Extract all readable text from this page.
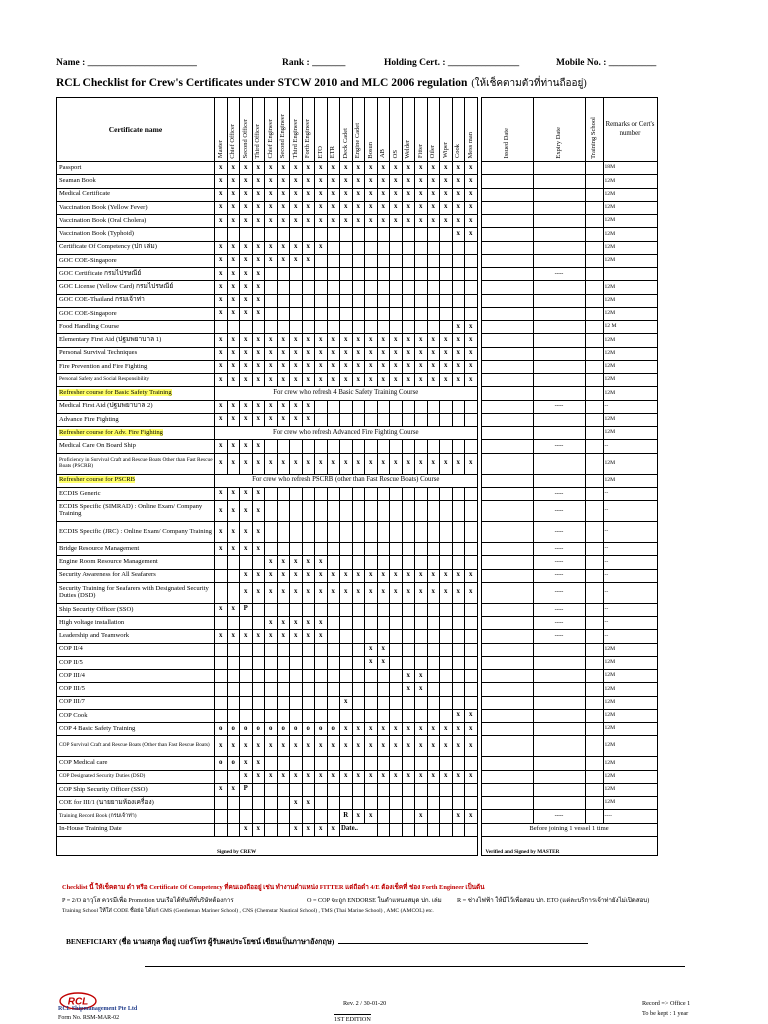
Name : _______________________	Rank : _______	Holding Cert. : _______________	Mobile No. : __________
RCL Checklist for Crew's Certificates under STCW 2010 and MLC 2006 regulation (ให้เช็คตามตัวที่ท่านถืออยู่)
Certificate name	Master	Chief Officer	Second Officer	Third Officer	Chief Engineer	Second Engineer	Third Engineer	Forth Engineer	ETO	ETR	Deck Cadet	Engine Cadet	Bosun	AB	OS	Welder	Fitter	Oiler	Wiper	Cook	Mess man		Issued Date	Expiry Date	Training School	Remarks or Cert's number
Passport	x	x	x	x	x	x	x	x	x	x	x	x	x	x	x	x	x	x	x	x	x					18M
Seaman Book	x	x	x	x	x	x	x	x	x	x	x	x	x	x	x	x	x	x	x	x	x					12M
Medical Certificate	x	x	x	x	x	x	x	x	x	x	x	x	x	x	x	x	x	x	x	x	x					12M
Vaccination Book (Yellow Fever)	x	x	x	x	x	x	x	x	x	x	x	x	x	x	x	x	x	x	x	x	x					12M
Vaccination Book (Oral Cholera)	x	x	x	x	x	x	x	x	x	x	x	x	x	x	x	x	x	x	x	x	x					12M
Vaccination Book (Typhoid)																				x	x					12M
Certificate Of Competency (ปก เล่ม)	x	x	x	x	x	x	x	x	x																	12M
GOC COE-Singapore	x	x	x	x	x	x	x	x																		12M
GOC Certificate กรมไปรษณีย์	x	x	x	x																				----		
GOC License (Yellow Card) กรมไปรษณีย์	x	x	x	x																						12M
GOC COE-Thailand กรมเจ้าท่า	x	x	x	x																						12M
GOC COE-Singapore	x	x	x	x																						12M
Food Handling Course																				x	x					12 M
Elementary First Aid (ปฐมพยาบาล 1)	x	x	x	x	x	x	x	x	x	x	x	x	x	x	x	x	x	x	x	x	x					12M
Personal Survival Techniques	x	x	x	x	x	x	x	x	x	x	x	x	x	x	x	x	x	x	x	x	x					12M
Fire Prevention and Fire Fighting	x	x	x	x	x	x	x	x	x	x	x	x	x	x	x	x	x	x	x	x	x					12M
Personal Safety and Social Responsibility	x	x	x	x	x	x	x	x	x	x	x	x	x	x	x	x	x	x	x	x	x					12M
Refresher course for Basic Safety Training	For crew who refresh 4 Basic Safety Training Course																									12M
Medical First Aid (ปฐมพยาบาล 2)	x	x	x	x	x	x	x	x																----		--
Advance Fire Fighting	x	x	x	x	x	x	x	x																		12M
Refresher course for Adv. Fire Fighting	For crew who refresh Advanced Fire Fighting Course																									12M
Medical Care On Board Ship	x	x	x	x																				----		--
Proficiency in Survival Craft and Rescue Boats Other than Fast Rescue Boats (PSCRB)	x	x	x	x	x	x	x	x	x	x	x	x	x	x	x	x	x	x	x	x	x					12M
Refresher course for PSCRB	For crew who refresh PSCRB (other than Fast Rescue Boats) Course																									12M
ECDIS Generic	x	x	x	x																				----		--
ECDIS Specific (SIMRAD) : Online Exam/ Company Training	x	x	x	x																				----		--
ECDIS Specific (JRC) : Online Exam/ Company Training	x	x	x	x																				----		--
Bridge Resource Management	x	x	x	x																				----		--
Engine Room Resource Management					x	x	x	x	x															----		--
Security Awareness for All Seafarers			x	x	x	x	x	x	x	x	x	x	x	x	x	x	x	x	x	x	x			----		--
Security Training for Seafarers with Designated Security Duties (DSD)			x	x	x	x	x	x	x	x	x	x	x	x	x	x	x	x	x	x	x			----		--
Ship Security Officer (SSO)	x	x	P																					----		--
High voltage installation					x	x	x	x	x															----		--
Leadership and Teamwork	x	x	x	x	x	x	x	x	x															----		--
COP II/4													x	x												12M
COP II/5													x	x												12M
COP III/4																x	x									12M
COP III/5																x	x									12M
COP III/7											x															12M
COP Cook																				x	x					12M
COP 4 Basic Safety Training	o	o	o	o	o	o	o	o	o	o	x	x	x	x	x	x	x	x	x	x	x					12M
COP Survival Craft and Rescue Boats (Other than Fast Rescue Boats)	x	x	x	x	x	x	x	x	x	x	x	x	x	x	x	x	x	x	x	x	x					12M
COP Medical care	o	o	x	x																						12M
COP Designated Security Duties (DSD)			x	x	x	x	x	x	x	x	x	x	x	x	x	x	x	x	x	x	x					12M
COP Ship Security Officer (SSO)	x	x	P																							12M
COE for III/1 (นายยามห้องเครื่อง)							x	x																		12M
Training Record Book (กรมเจ้าท่า)											R	x	x				x			x	x			----		----
In-House Training Date			x	x			x	x	x	x	Date..												Before joining 1 vessel 1 time			
Signed by CREW																							Verified and Signed by MASTER			
Checklist นี้ ให้เช็คตาม ตำ หรือ Certificate Of Competency ที่คนเองถืออยู่ เช่น ทำงานตำแหน่ง FITTER แต่ถือตำ 4/E ต้องเช็คที่ ช่อง Forth Engineer เป็นต้น
P = 2/O อาวุโส ควรมีเพื่อ Promotion บนเรือได้ทันทีที่บริษัทต้องการ	O = COP จะถูก ENDORSE ในตำแหนงสมุด ปก. เล่ม R = ช่างไฟฟ้า ให้มีไว้เพื่อสอบ ปก. ETO (แต่ละบริการเจ้าท่ายังไม่เปิดสอบ)
Training School ให้ใส่ CODE ชื่อย่อ ได้แก่ GMS (Gentleman Mariner School) , CNS (Chemstar Nautical School) , TMS (Thai Marine School) , AMC (AMCOL) etc.
BENEFICIARY (ชื่อ นามสกุล ที่อยู่ เบอร์โทร ผู้รับผลประโยชน์ เขียนเป็นภาษาอังกฤษ)
RCL
RCL Shipmanagement Pte Ltd
Form No. RSM-MAR-02
Rev. 2 / 30-01-20
1ST EDITION
Record => Office 1
To be kept : 1 year
